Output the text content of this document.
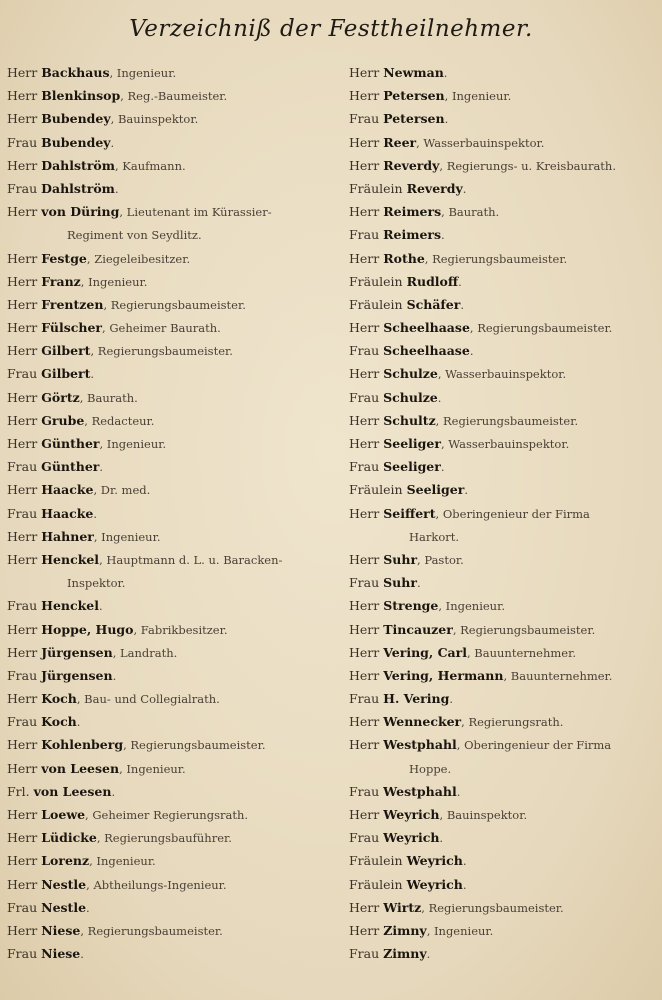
Verzeichniß der Festtheilnehmer.
Herr Backhaus, Ingenieur.
Herr Blenkinsop, Reg.-Baumeister.
Herr Bubendey, Bauinspektor.
Frau Bubendey.
Herr Dahlström, Kaufmann.
Frau Dahlström.
Herr von Düring, Lieutenant im Kürassier-
Regiment von Seydlitz.
Herr Festge, Ziegeleibesitzer.
Herr Franz, Ingenieur.
Herr Frentzen, Regierungsbaumeister.
Herr Fülscher, Geheimer Baurath.
Herr Gilbert, Regierungsbaumeister.
Frau Gilbert.
Herr Görtz, Baurath.
Herr Grube, Redacteur.
Herr Günther, Ingenieur.
Frau Günther.
Herr Haacke, Dr. med.
Frau Haacke.
Herr Hahner, Ingenieur.
Herr Henckel, Hauptmann d. L. u. Baracken-
Inspektor.
Frau Henckel.
Herr Hoppe, Hugo, Fabrikbesitzer.
Herr Jürgensen, Landrath.
Frau Jürgensen.
Herr Koch, Bau- und Collegialrath.
Frau Koch.
Herr Kohlenberg, Regierungsbaumeister.
Herr von Leesen, Ingenieur.
Frl. von Leesen.
Herr Loewe, Geheimer Regierungsrath.
Herr Lüdicke, Regierungsbauführer.
Herr Lorenz, Ingenieur.
Herr Nestle, Abtheilungs-Ingenieur.
Frau Nestle.
Herr Niese, Regierungsbaumeister.
Frau Niese.
Herr Newman.
Herr Petersen, Ingenieur.
Frau Petersen.
Herr Reer, Wasserbauinspektor.
Herr Reverdy, Regierungs- u. Kreisbaurath.
Fräulein Reverdy.
Herr Reimers, Baurath.
Frau Reimers.
Herr Rothe, Regierungsbaumeister.
Fräulein Rudloff.
Fräulein Schäfer.
Herr Scheelhaase, Regierungsbaumeister.
Frau Scheelhaase.
Herr Schulze, Wasserbauinspektor.
Frau Schulze.
Herr Schultz, Regierungsbaumeister.
Herr Seeliger, Wasserbauinspektor.
Frau Seeliger.
Fräulein Seeliger.
Herr Seiffert, Oberingenieur der Firma
Harkort.
Herr Suhr, Pastor.
Frau Suhr.
Herr Strenge, Ingenieur.
Herr Tincauzer, Regierungsbaumeister.
Herr Vering, Carl, Bauunternehmer.
Herr Vering, Hermann, Bauunternehmer.
Frau H. Vering.
Herr Wennecker, Regierungsrath.
Herr Westphahl, Oberingenieur der Firma
Hoppe.
Frau Westphahl.
Herr Weyrich, Bauinspektor.
Frau Weyrich.
Fräulein Weyrich.
Fräulein Weyrich.
Herr Wirtz, Regierungsbaumeister.
Herr Zimny, Ingenieur.
Frau Zimny.
